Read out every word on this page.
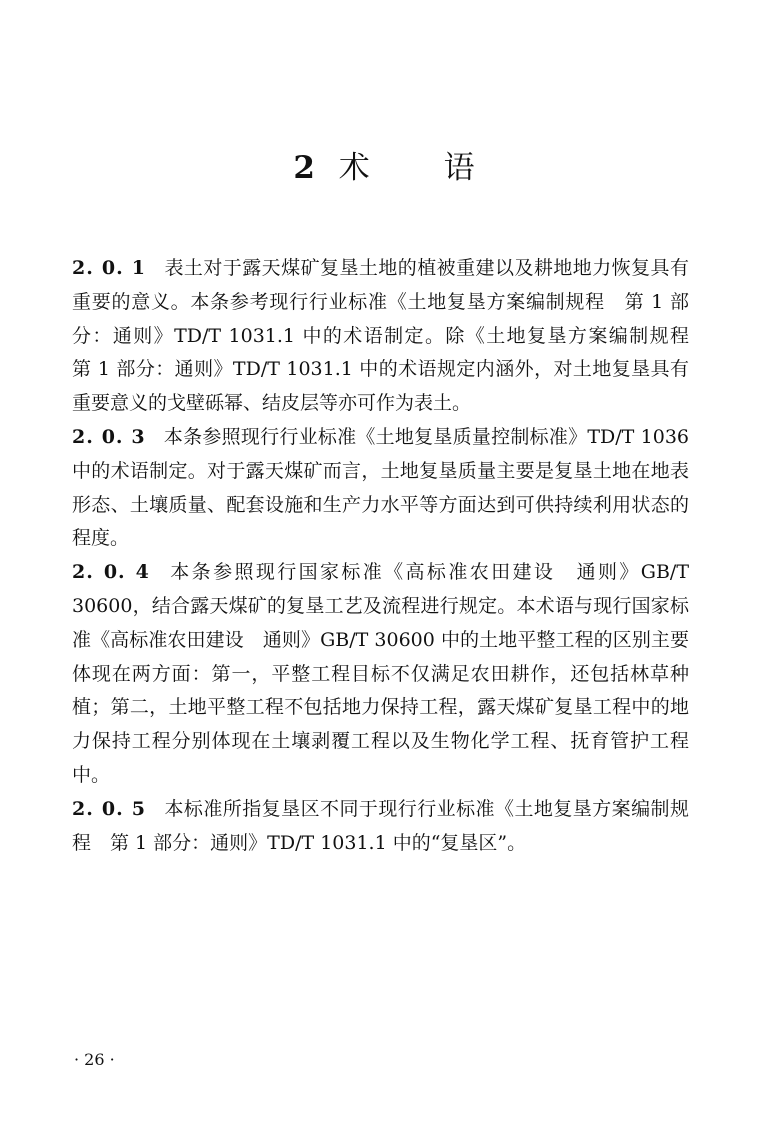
2 术 语

2. 0. 1 表土对于露天煤矿复垦土地的植被重建以及耕地地力恢复具有重要的意义。本条参考现行行业标准《土地复垦方案编制规程　第 1 部分：通则》TD/T 1031.1 中的术语制定。除《土地复垦方案编制规程　第 1 部分：通则》TD/T 1031.1 中的术语规定内涵外，对土地复垦具有重要意义的戈壁砾幂、结皮层等亦可作为表土。

2. 0. 3 本条参照现行行业标准《土地复垦质量控制标准》TD/T 1036 中的术语制定。对于露天煤矿而言，土地复垦质量主要是复垦土地在地表形态、土壤质量、配套设施和生产力水平等方面达到可供持续利用状态的程度。

2. 0. 4 本条参照现行国家标准《高标准农田建设　通则》GB/T 30600，结合露天煤矿的复垦工艺及流程进行规定。本术语与现行国家标准《高标准农田建设　通则》GB/T 30600 中的土地平整工程的区别主要体现在两方面：第一，平整工程目标不仅满足农田耕作，还包括林草种植；第二，土地平整工程不包括地力保持工程，露天煤矿复垦工程中的地力保持工程分别体现在土壤剥覆工程以及生物化学工程、抚育管护工程中。

2. 0. 5 本标准所指复垦区不同于现行行业标准《土地复垦方案编制规程　第 1 部分：通则》TD/T 1031.1 中的“复垦区”。

· 26 ·
